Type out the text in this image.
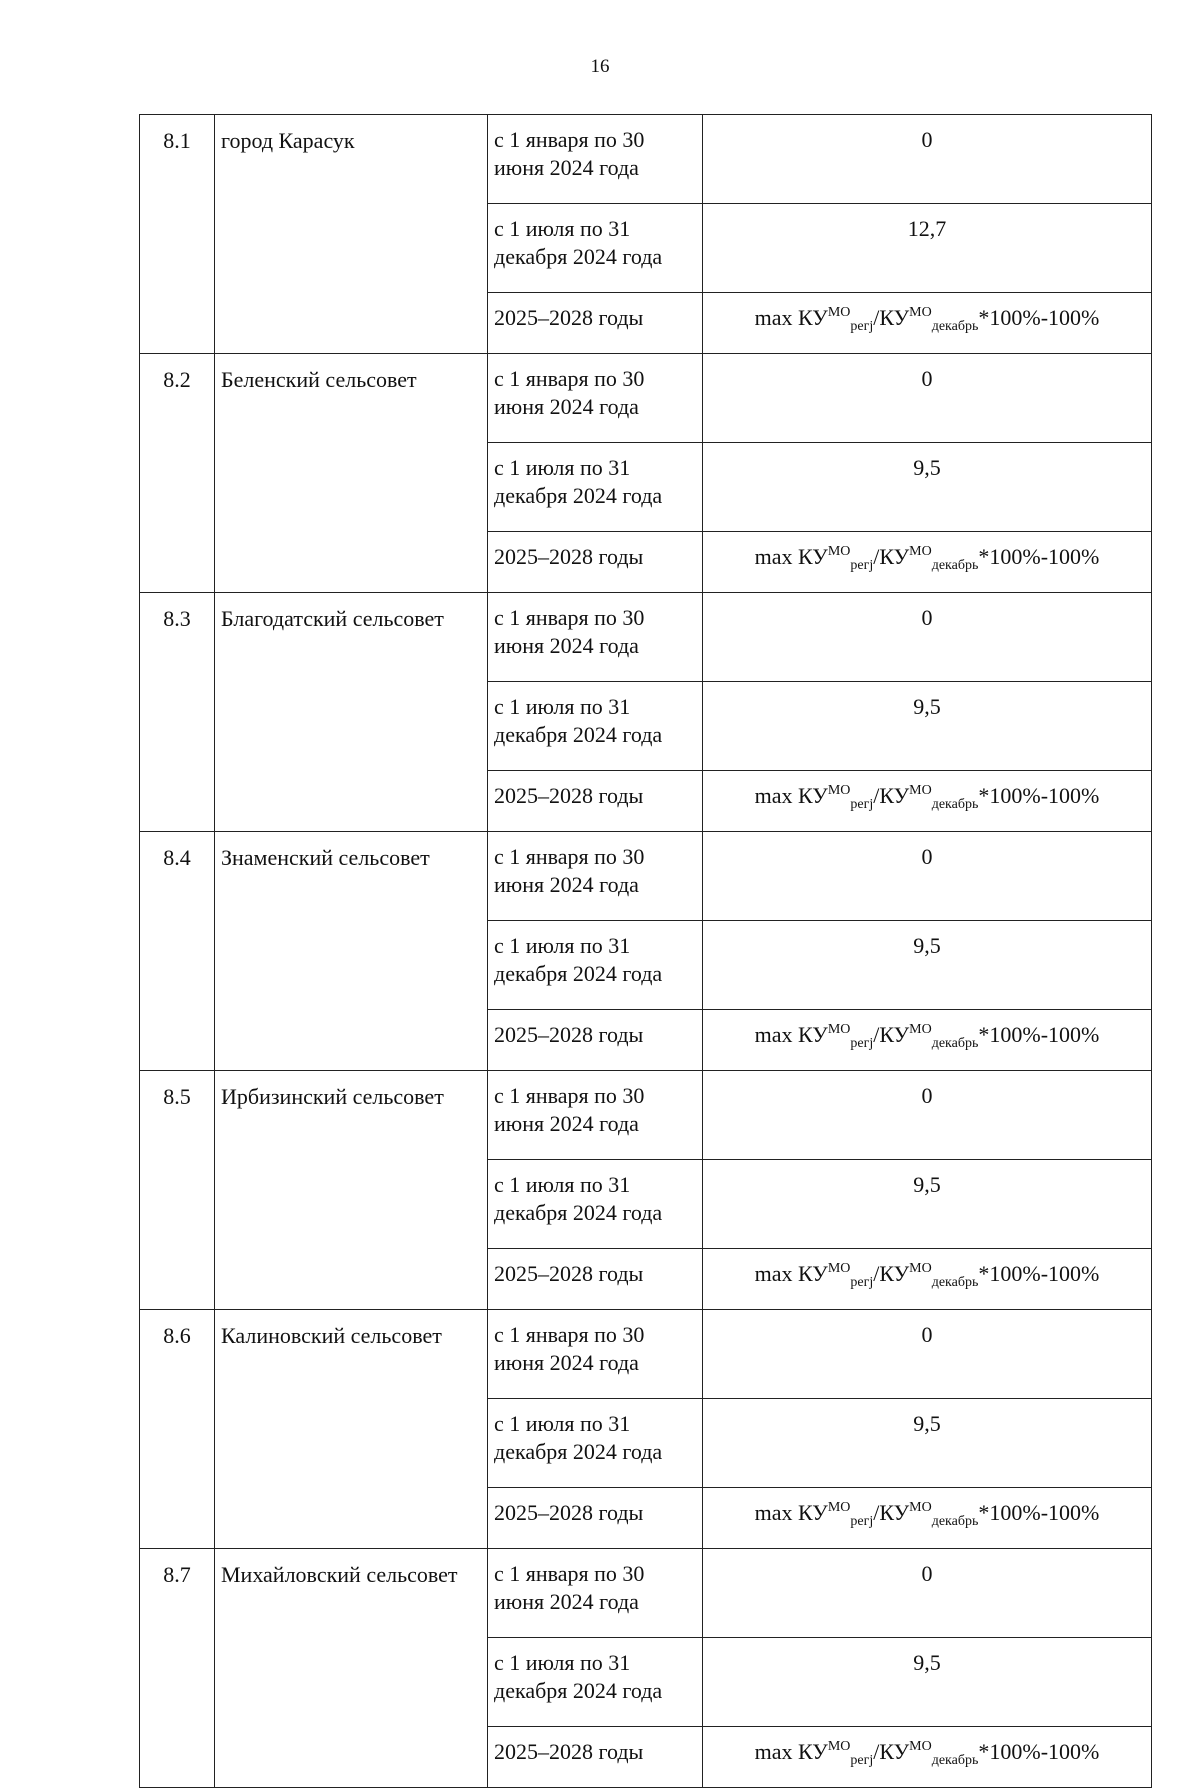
16
8.1	город Карасук	с 1 января по 30 июня 2024 года	0
		с 1 июля по 31 декабря 2024 года	12,7
		2025–2028 годы	$\max КУ^{МО}_{pегj}/КУ^{МО}_{декабрь}*100\%-100\%$
8.2	Беленский сельсовет	с 1 января по 30 июня 2024 года	0
		с 1 июля по 31 декабря 2024 года	9,5
		2025–2028 годы	$\max КУ^{МО}_{pегj}/КУ^{МО}_{декабрь}*100\%-100\%$
8.3	Благодатский сельсовет	с 1 января по 30 июня 2024 года	0
		с 1 июля по 31 декабря 2024 года	9,5
		2025–2028 годы	$\max КУ^{МО}_{pегj}/КУ^{МО}_{декабрь}*100\%-100\%$
8.4	Знаменский сельсовет	с 1 января по 30 июня 2024 года	0
		с 1 июля по 31 декабря 2024 года	9,5
		2025–2028 годы	$\max КУ^{МО}_{pегj}/КУ^{МО}_{декабрь}*100\%-100\%$
8.5	Ирбизинский сельсовет	с 1 января по 30 июня 2024 года	0
		с 1 июля по 31 декабря 2024 года	9,5
		2025–2028 годы	$\max КУ^{МО}_{pегj}/КУ^{МО}_{декабрь}*100\%-100\%$
8.6	Калиновский сельсовет	с 1 января по 30 июня 2024 года	0
		с 1 июля по 31 декабря 2024 года	9,5
		2025–2028 годы	$\max КУ^{МО}_{pегj}/КУ^{МО}_{декабрь}*100\%-100\%$
8.7	Михайловский сельсовет	с 1 января по 30 июня 2024 года	0
		с 1 июля по 31 декабря 2024 года	9,5
		2025–2028 годы	$\max КУ^{МО}_{pегj}/КУ^{МО}_{декабрь}*100\%-100\%$
